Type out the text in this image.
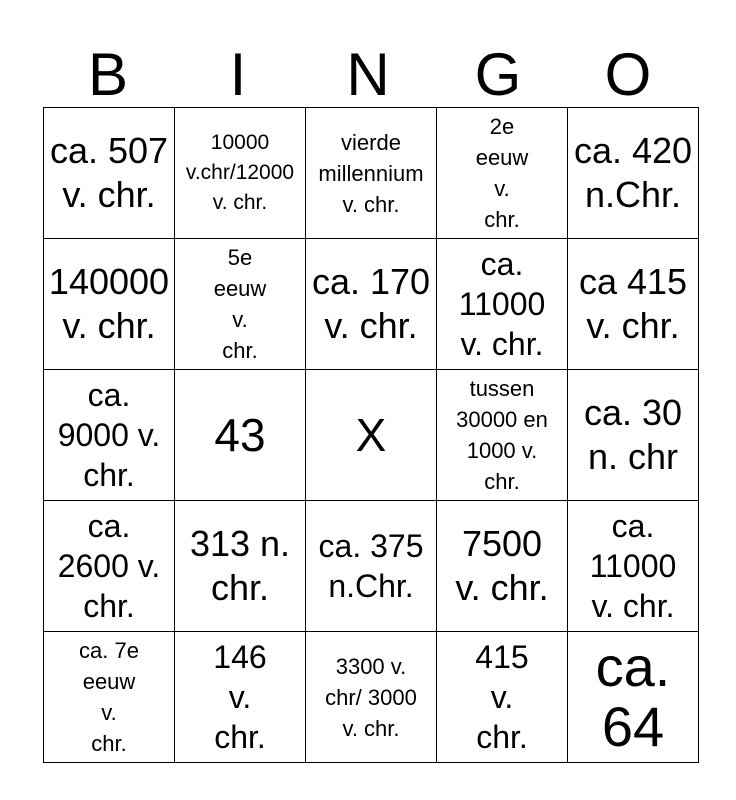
B	I	N	G	O
ca. 507
v. chr.	10000
v.chr/12000
v. chr.	vierde
millennium
v. chr.	2e
eeuw
v.
chr.	ca. 420
n.Chr.

140000
v. chr.	5e
eeuw
v.
chr.	ca. 170
v. chr.	ca.
11000
v. chr.	ca 415
v. chr.

ca.
9000 v.
chr.	43	X	tussen
30000 en
1000 v.
chr.	ca. 30
n. chr

ca.
2600 v.
chr.	313 n.
chr.	ca. 375
n.Chr.	7500
v. chr.	ca.
11000
v. chr.

ca. 7e
eeuw
v.
chr.	146
v.
chr.	3300 v.
chr/ 3000
v. chr.	415
v.
chr.	ca.
64
